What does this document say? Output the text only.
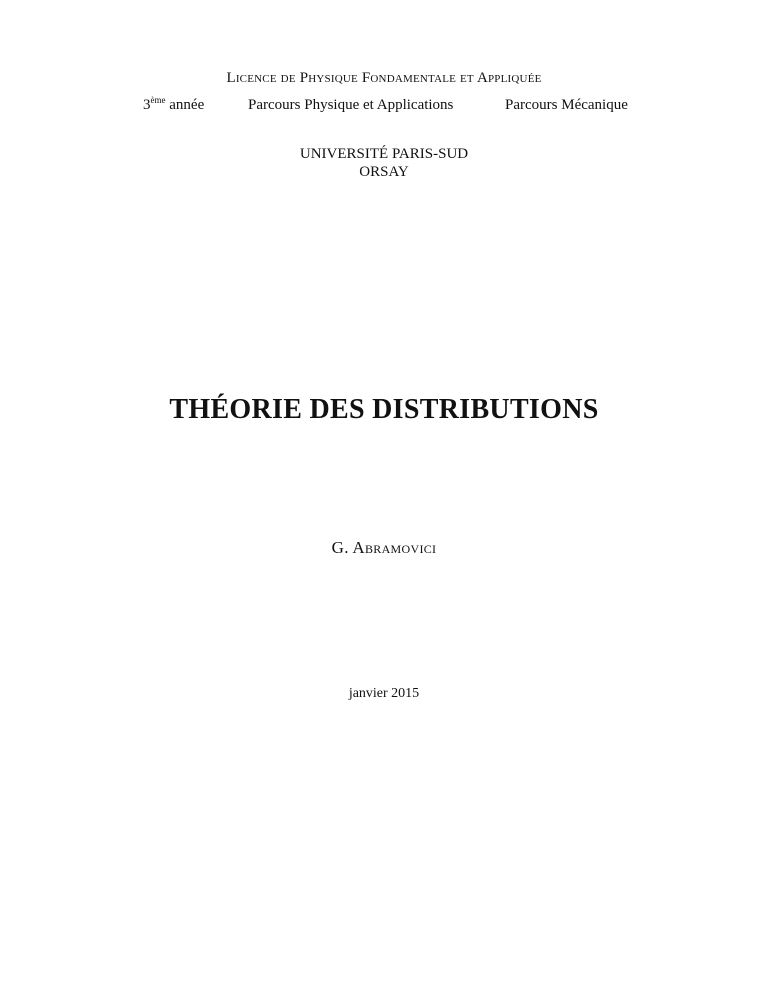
Licence de Physique Fondamentale et Appliquée
3ème année	Parcours Physique et Applications	Parcours Mécanique
UNIVERSITÉ PARIS-SUD
ORSAY
THÉORIE DES DISTRIBUTIONS
G. Abramovici
janvier 2015
